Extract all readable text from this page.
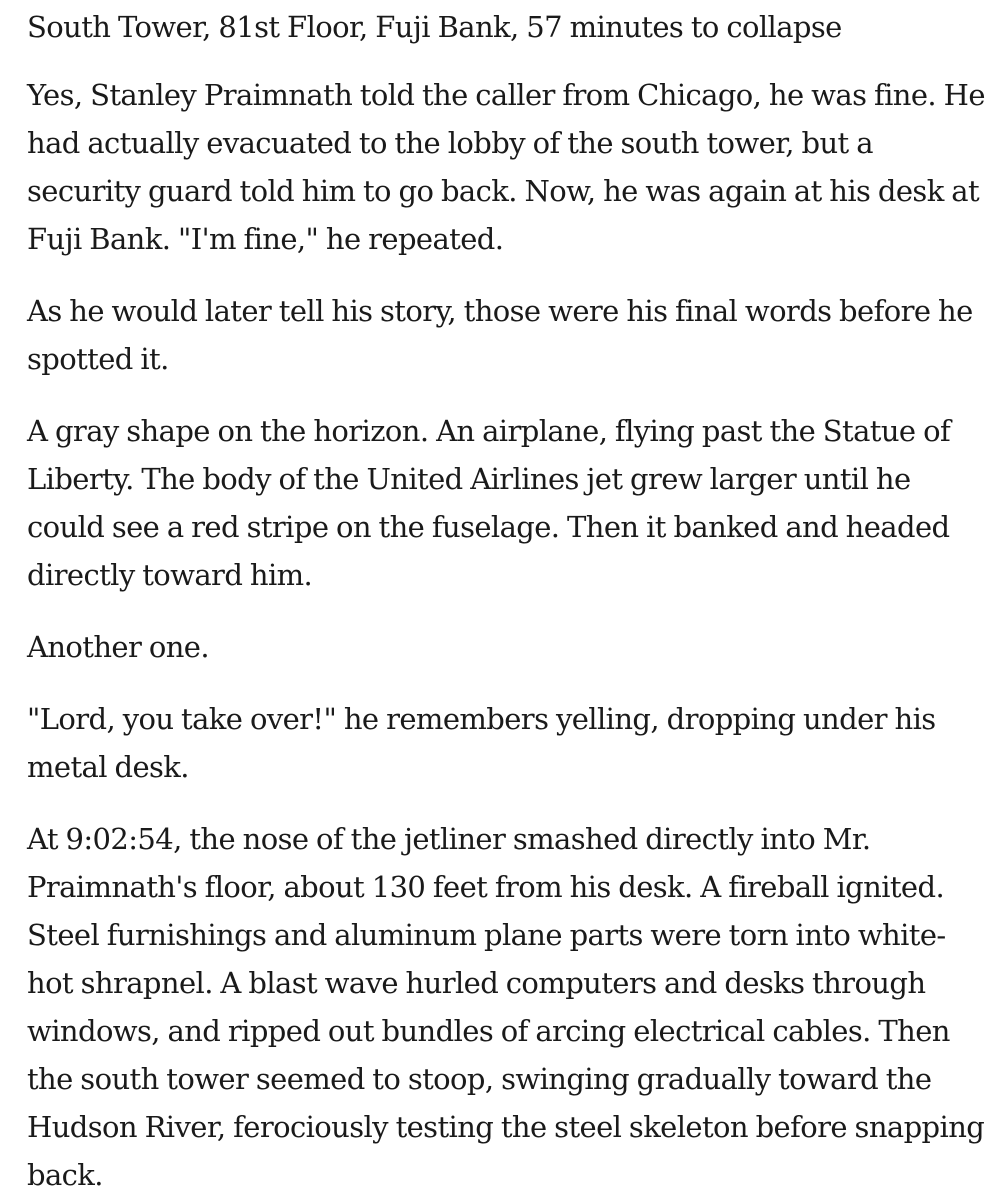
South Tower, 81st Floor, Fuji Bank, 57 minutes to collapse

Yes, Stanley Praimnath told the caller from Chicago, he was fine. He had actually evacuated to the lobby of the south tower, but a security guard told him to go back. Now, he was again at his desk at Fuji Bank. "I'm fine," he repeated.

As he would later tell his story, those were his final words before he spotted it.

A gray shape on the horizon. An airplane, flying past the Statue of Liberty. The body of the United Airlines jet grew larger until he could see a red stripe on the fuselage. Then it banked and headed directly toward him.

Another one.

"Lord, you take over!" he remembers yelling, dropping under his metal desk.

At 9:02:54, the nose of the jetliner smashed directly into Mr. Praimnath's floor, about 130 feet from his desk. A fireball ignited. Steel furnishings and aluminum plane parts were torn into white-hot shrapnel. A blast wave hurled computers and desks through windows, and ripped out bundles of arcing electrical cables. Then the south tower seemed to stoop, swinging gradually toward the Hudson River, ferociously testing the steel skeleton before snapping back.
